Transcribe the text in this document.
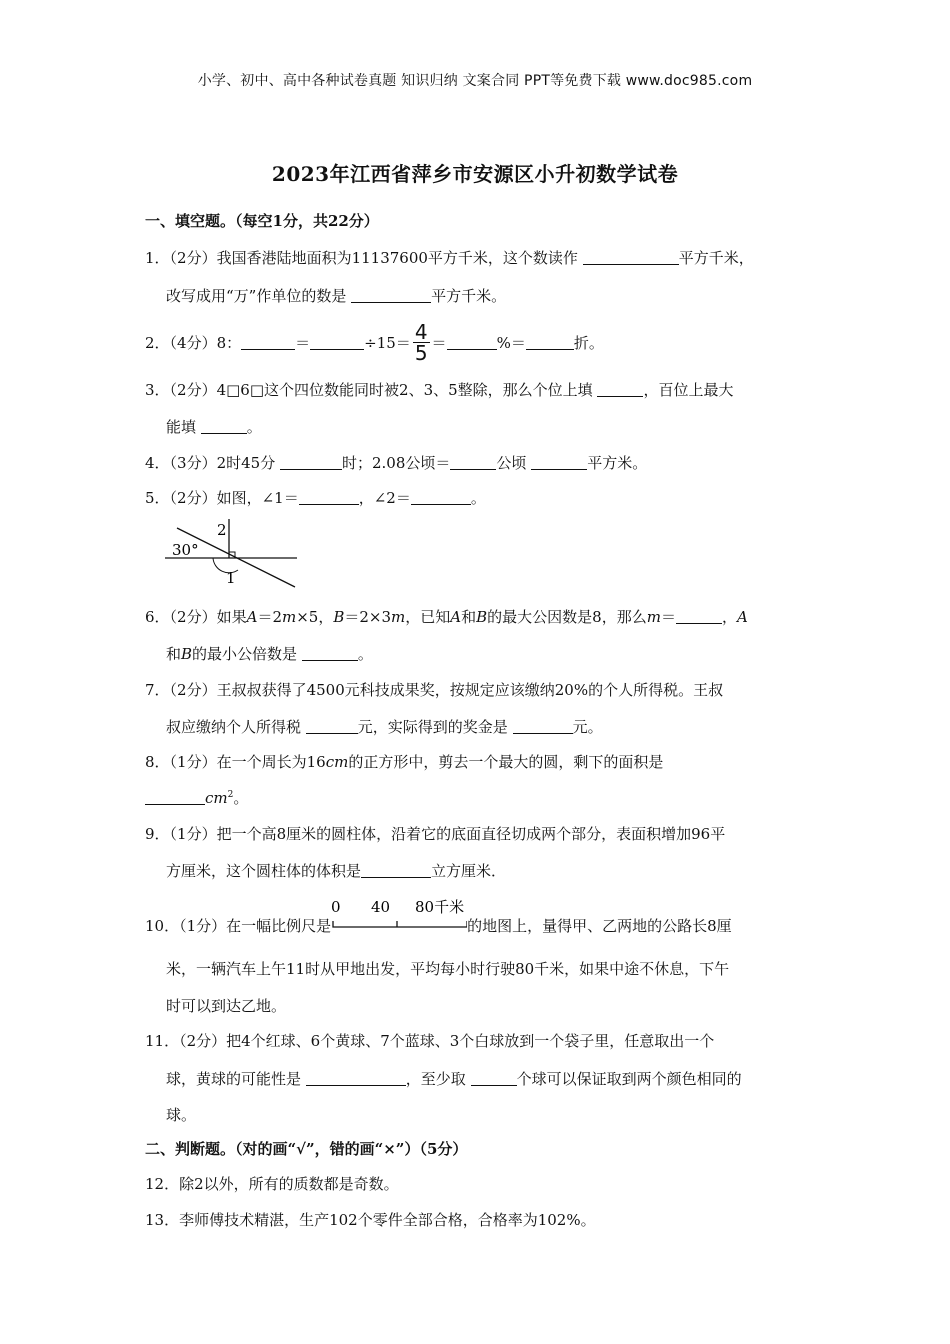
小学、初中、高中各种试卷真题 知识归纳 文案合同 PPT等免费下载 www.doc985.com
2023年江西省萍乡市安源区小升初数学试卷
一、填空题。（每空1分，共22分）
1．（2分）我国香港陆地面积为11137600平方千米，这个数读作	平方千米，
改写成用“万”作单位的数是	平方千米。
2．（4分）8：	＝	$\div 15= \frac{4}{5}$ ＝	%＝	折。
3．（2分）4□6□这个四位数能同时被2、3、5整除，那么个位上填	，百位上最大
能填	。
4．（3分）2时45分	时；2.08公顷＝	公顷	平方米。
5．（2分）如图，∠1＝	，∠2＝	。
30°
2
1
6．（2分）如果A＝2m×5，B＝2×3m，已知A和B的最大公因数是8，那么m＝	，A
和B的最小公倍数是	。
7．（2分）王叔叔获得了4500元科技成果奖，按规定应该缴纳20%的个人所得税。王叔
叔应缴纳个人所得税	元，实际得到的奖金是	元。
8．（1分）在一个周长为16cm的正方形中，剪去一个最大的圆，剩下的面积是
$cm^2$。
9．（1分）把一个高8厘米的圆柱体，沿着它的底面直径切成两个部分，表面积增加96平
方厘米，这个圆柱体的体积是	立方厘米．
10．（1分）在一幅比例尺是
0 40 80千米
的地图上，量得甲、乙两地的公路长8厘
米，一辆汽车上午11时从甲地出发，平均每小时行驶80千米，如果中途不休息，下午
时可以到达乙地。
11．（2分）把4个红球、6个黄球、7个蓝球、3个白球放到一个袋子里，任意取出一个
球，黄球的可能性是	，至少取	个球可以保证取到两个颜色相同的
球。
二、判断题。（对的画“√”，错的画“×”）（5分）
12．除2以外，所有的质数都是奇数。
13．李师傅技术精湛，生产102个零件全部合格，合格率为102%。
